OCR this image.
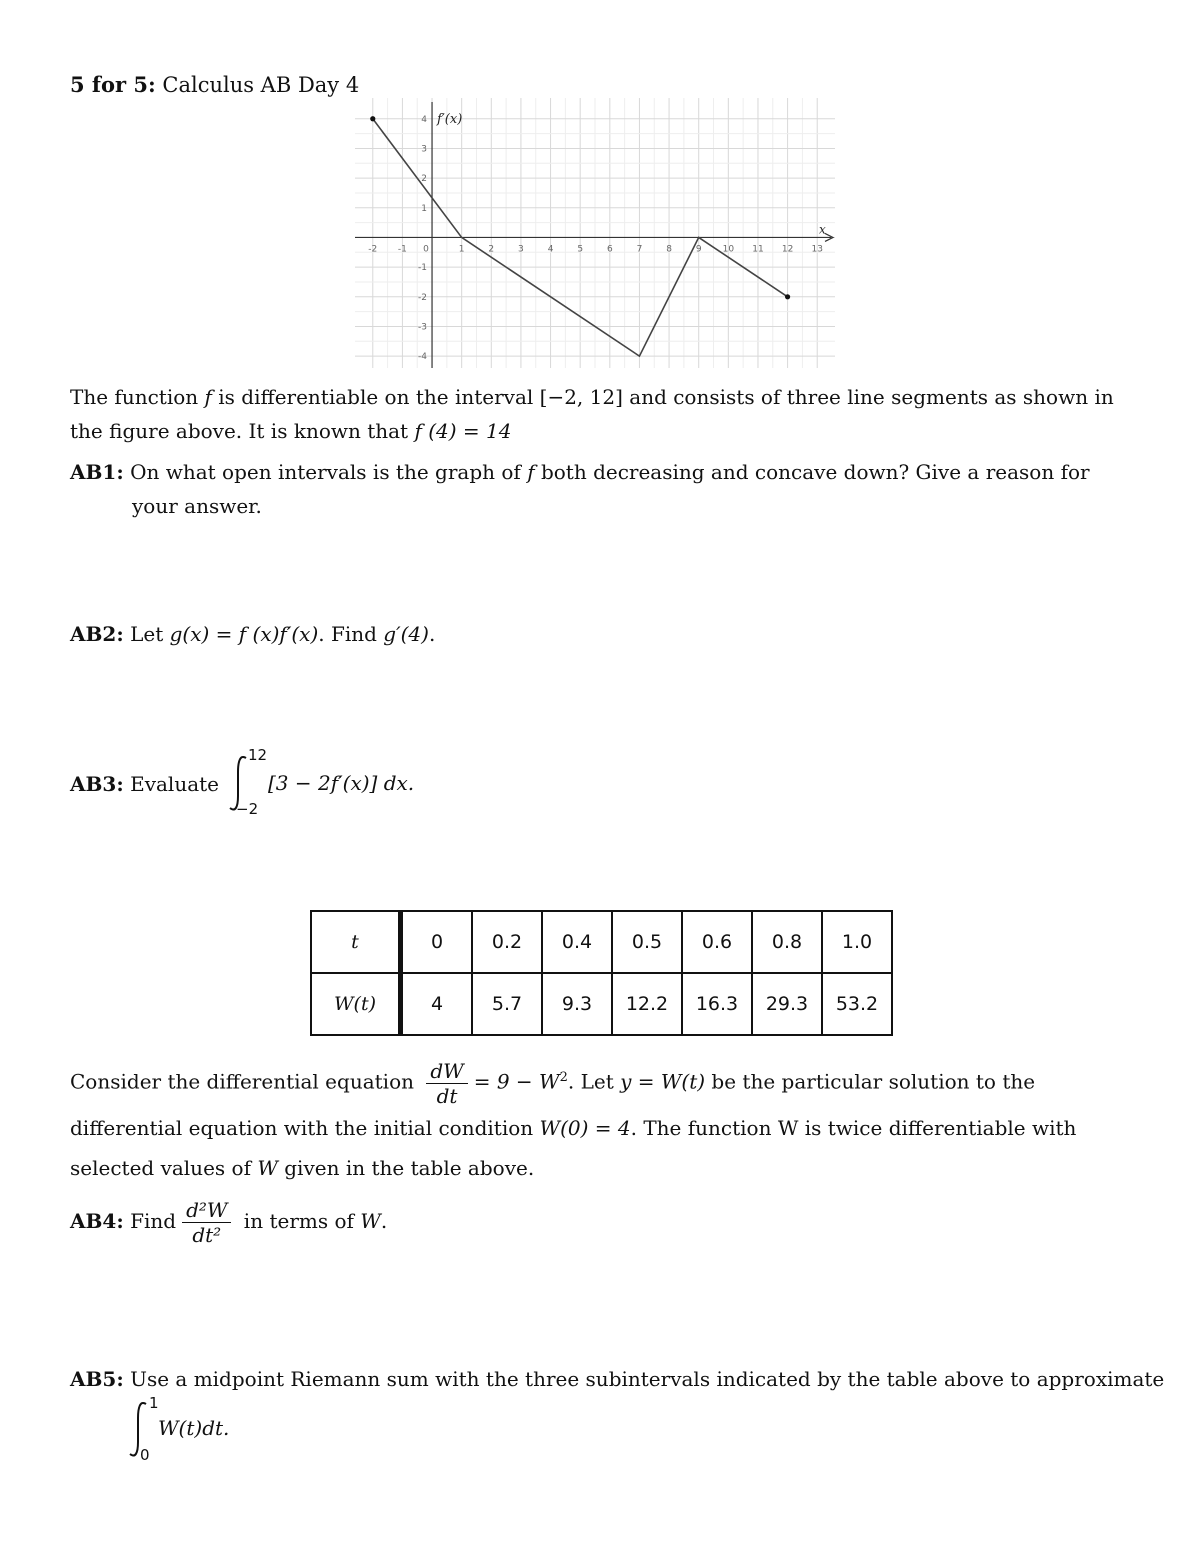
5 for 5: Calculus AB Day 4
-2 -1 0	1	2	3	4	5	6	7	8	9 10 11 12 13
4
3
2
1
-1
-2
-3
-4
f′(x)
x
The function f is differentiable on the interval [−2, 12] and consists of three line segments as shown in
the figure above. It is known that f (4) = 14
AB1: On what open intervals is the graph of f both decreasing and concave down? Give a reason for
your answer.
AB2: Let g(x) = f (x)f′(x). Find g′(4).
AB3: Evaluate
12
−2
[3 − 2f′(x)] dx.
t	0	0.2	0.4	0.5	0.6	0.8	1.0
W(t)	4	5.7	9.3	12.2	16.3	29.3	53.2
Consider the differential equation $\frac{dW}{dt} = 9 - W^2$. Let y = W(t) be the particular solution to the
differential equation with the initial condition W(0) = 4. The function W is twice differentiable with
selected values of W given in the table above.
AB4: Find $\frac{\text{d²W}}{\text{dt²}}$ in terms of W.
AB5: Use a midpoint Riemann sum with the three subintervals indicated by the table above to approximate
1
0
W(t)dt.
